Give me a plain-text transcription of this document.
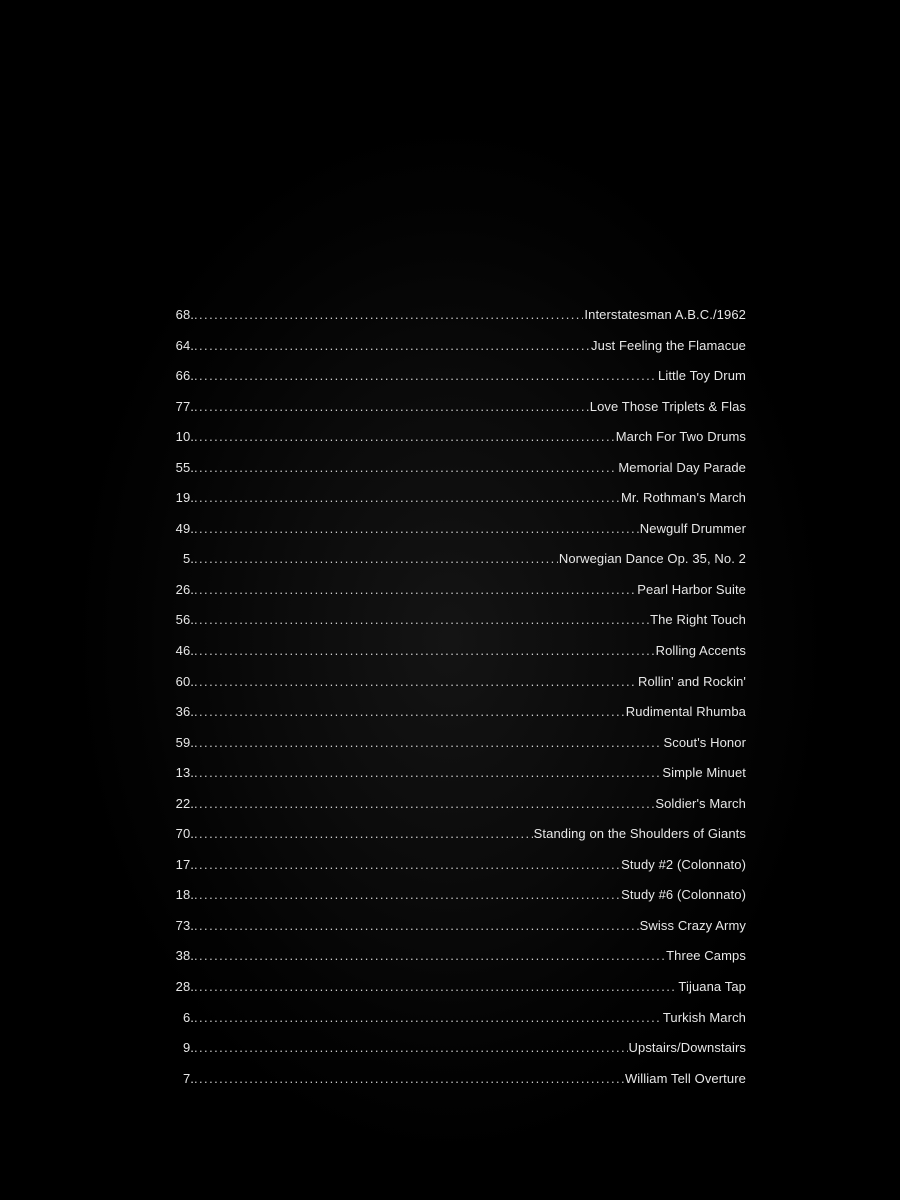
68. . . .	Interstatesman A.B.C./1962
64. . . .	Just Feeling the Flamacue
66. . . .	Little Toy Drum
77. . . .	Love Those Triplets & Flas
10. . . .	March For Two Drums
55. . . .	Memorial Day Parade
19. . . .	Mr. Rothman's March
49. . . .	Newgulf Drummer
5. . . .	Norwegian Dance Op. 35, No. 2
26. . . .	Pearl Harbor Suite
56. . . .	The Right Touch
46. . . .	Rolling Accents
60. . . .	Rollin' and Rockin'
36. . . .	Rudimental Rhumba
59. . . .	Scout's Honor
13. . . .	Simple Minuet
22. . . .	Soldier's March
70. . . .	Standing on the Shoulders of Giants
17. . . .	Study #2 (Colonnato)
18. . . .	Study #6 (Colonnato)
73. . . .	Swiss Crazy Army
38. . . .	Three Camps
28. . . .	Tijuana Tap
6. . . .	Turkish March
9. . . .	Upstairs/Downstairs
7. . . .	William Tell Overture
